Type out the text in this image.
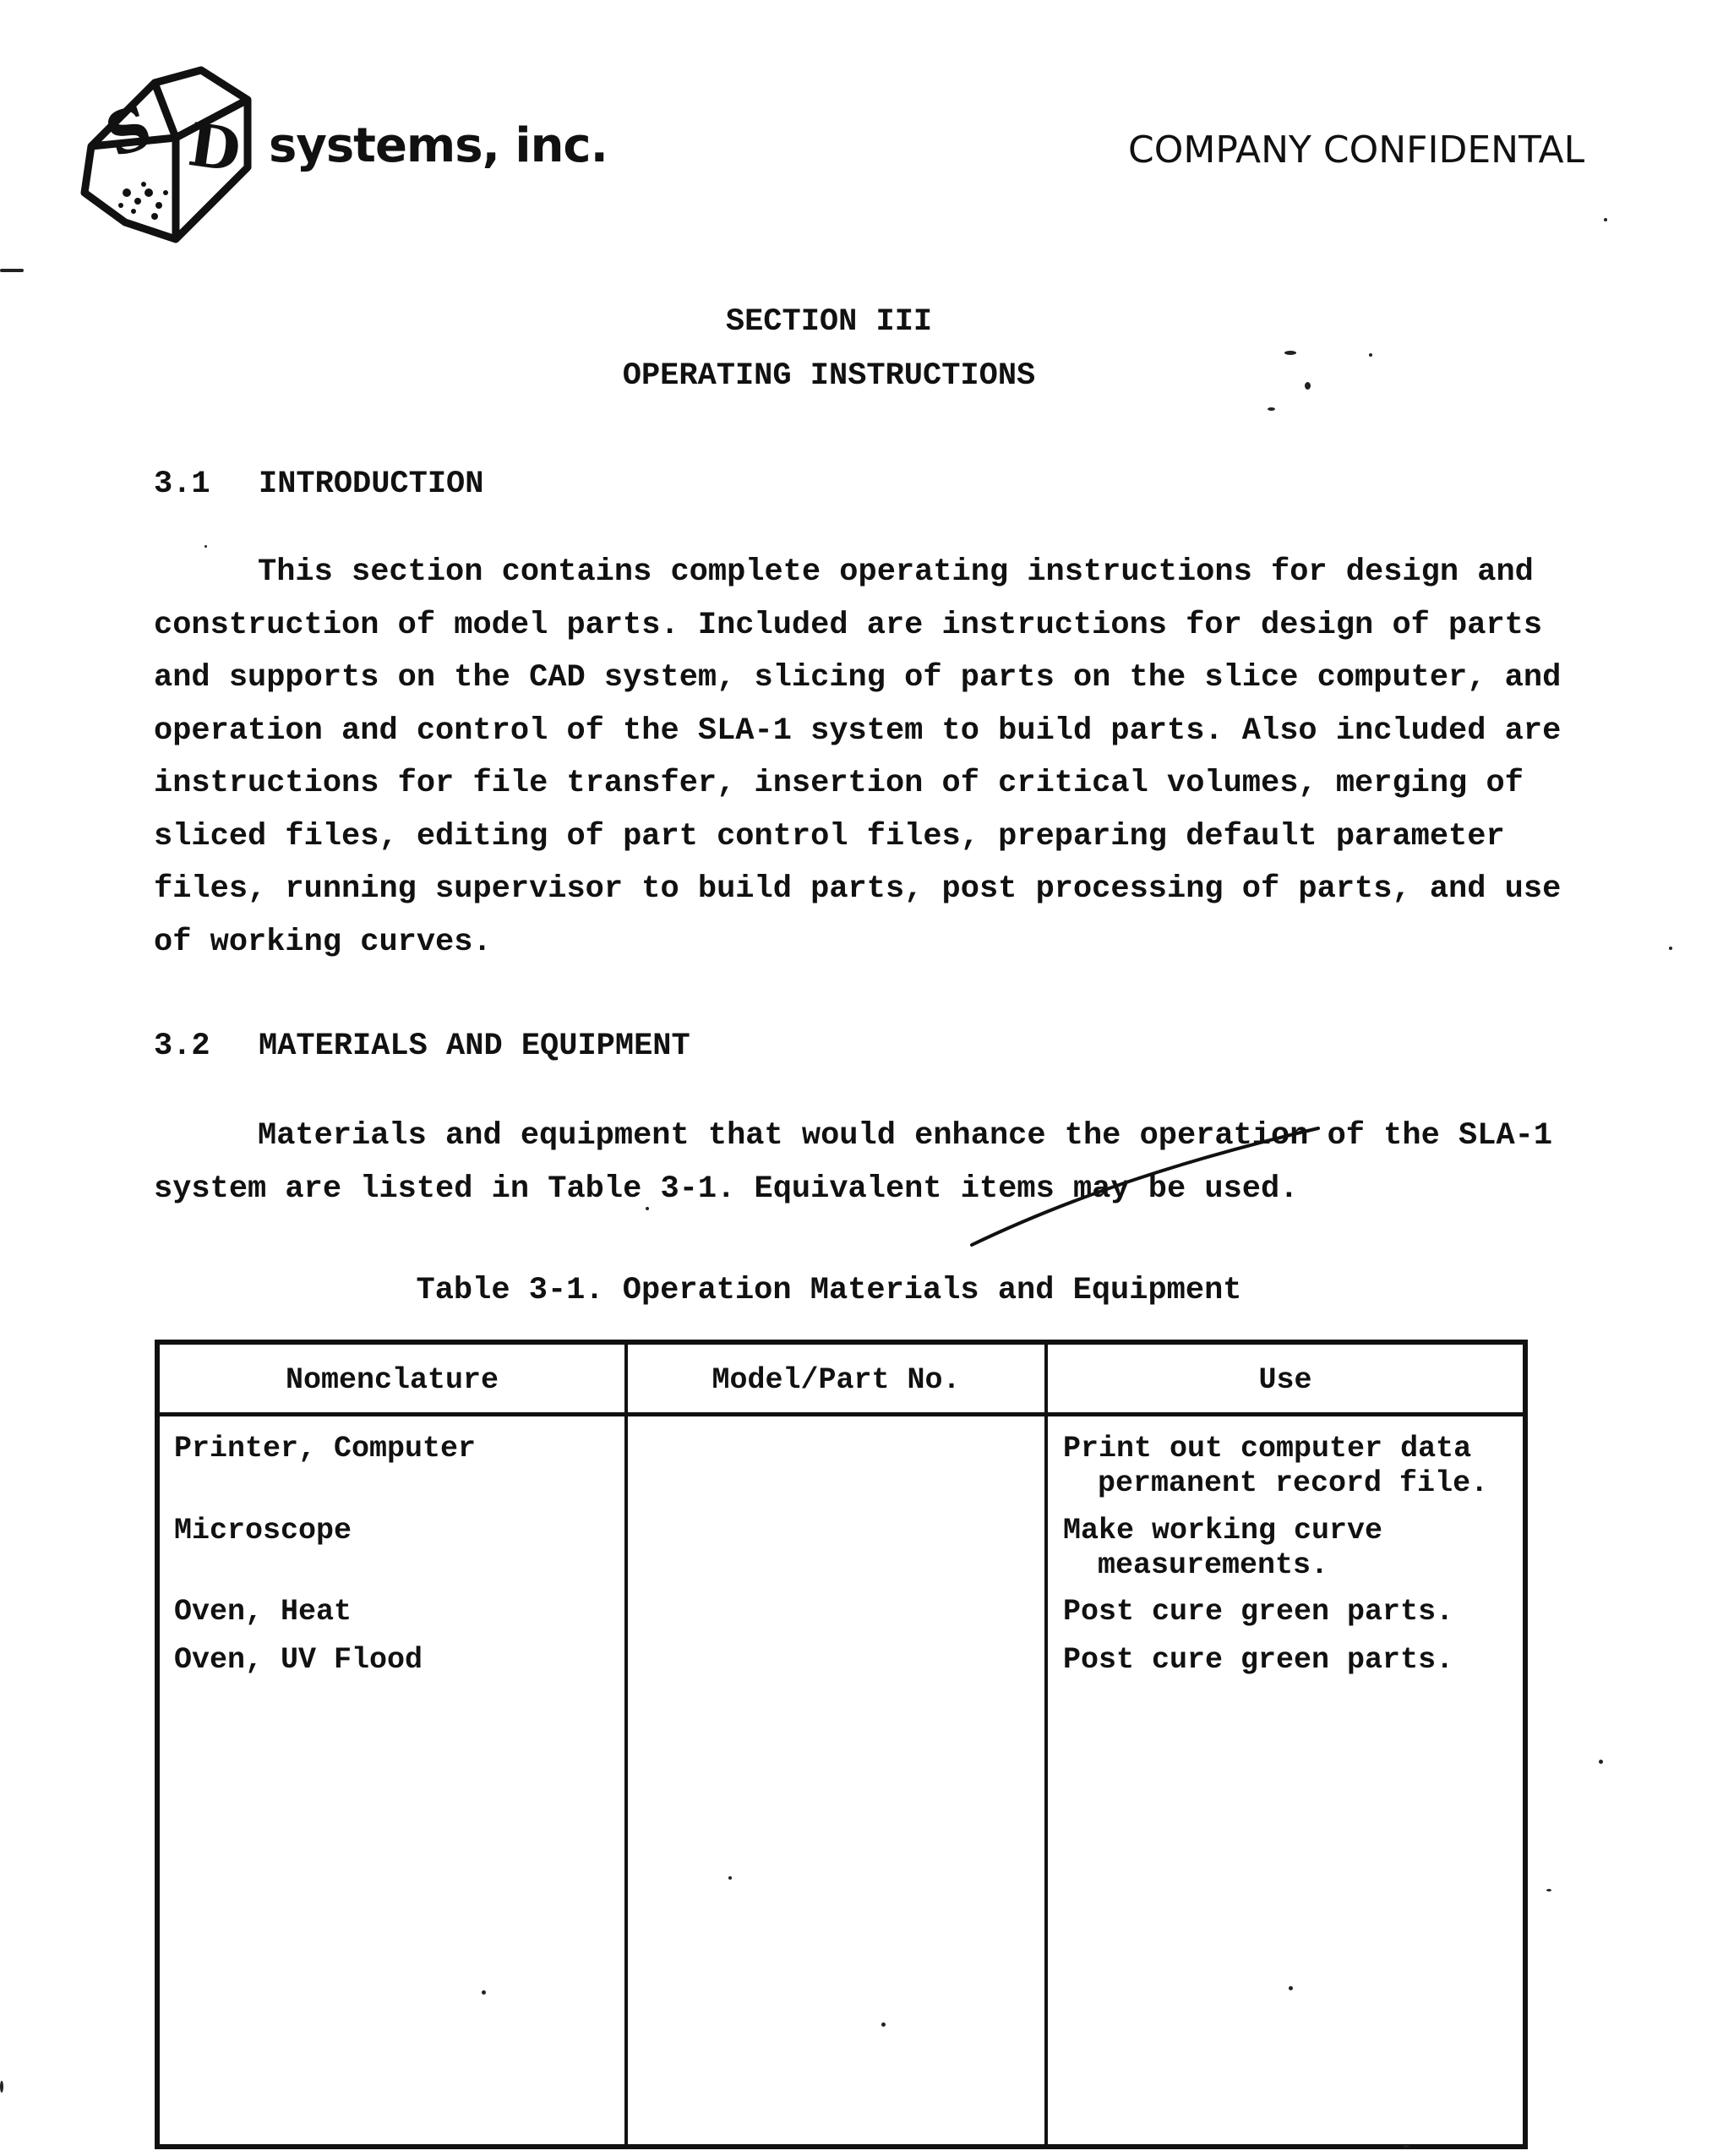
S D systems, inc.	COMPANY CONFIDENTAL
SECTION III
OPERATING INSTRUCTIONS
3.1 INTRODUCTION
This section contains complete operating instructions for design and
construction of model parts. Included are instructions for design of parts
and supports on the CAD system, slicing of parts on the slice computer, and
operation and control of the SLA-1 system to build parts. Also included are
instructions for file transfer, insertion of critical volumes, merging of
sliced files, editing of part control files, preparing default parameter
files, running supervisor to build parts, post processing of parts, and use
of working curves.
3.2 MATERIALS AND EQUIPMENT
Materials and equipment that would enhance the operation of the SLA-1
system are listed in Table 3-1. Equivalent items may be used.
Table 3-1. Operation Materials and Equipment
Nomenclature	Model/Part No.	Use
Printer, Computer	Print out computer data
permanent record file.
Microscope	Make working curve
measurements.
Oven, Heat	Post cure green parts.
Oven, UV Flood	Post cure green parts.
